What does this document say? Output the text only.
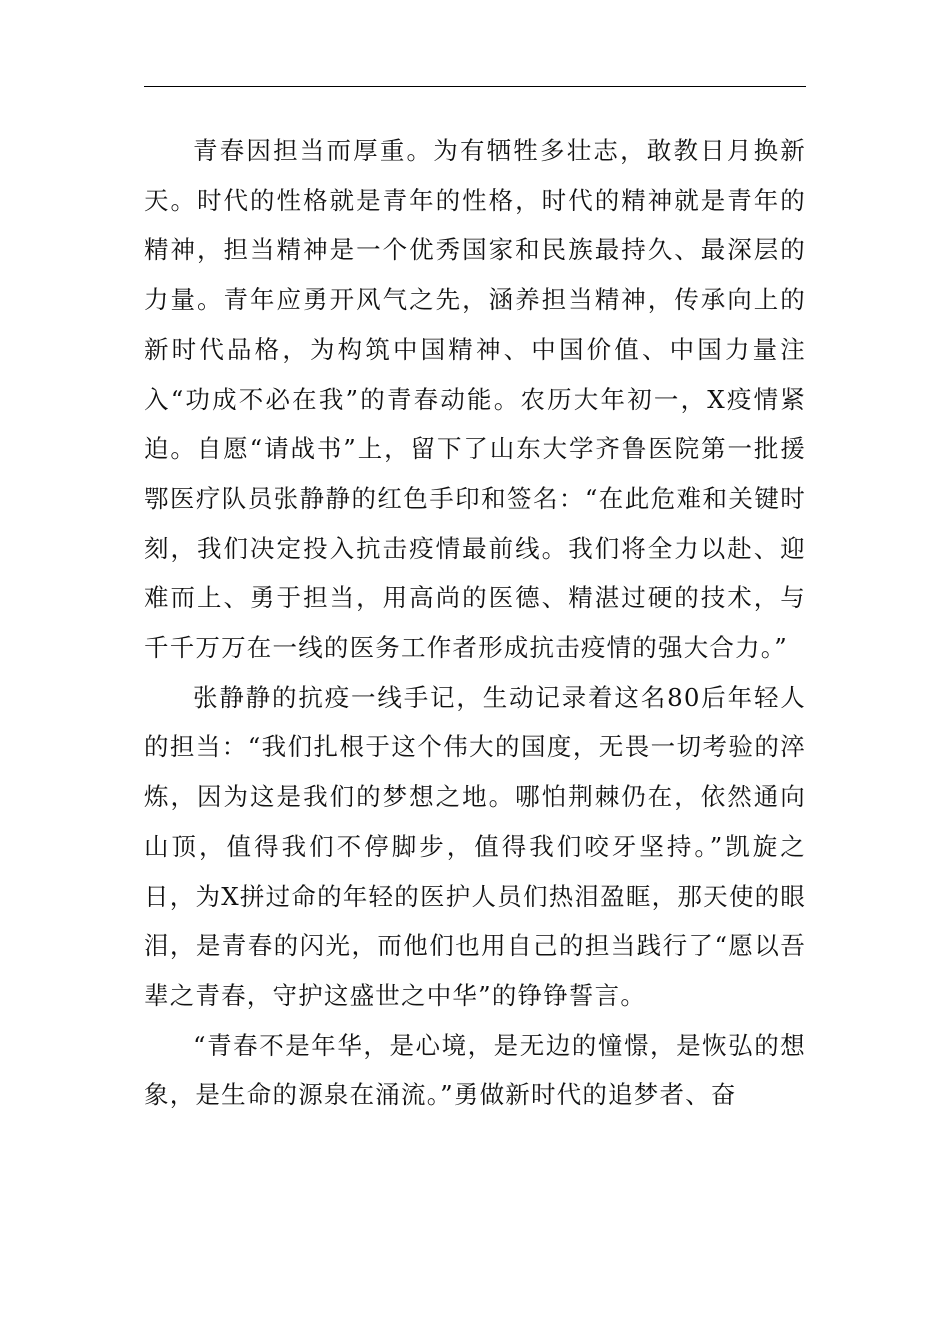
青春因担当而厚重。为有牺牲多壮志，敢教日月换新天。时代的性格就是青年的性格，时代的精神就是青年的精神，担当精神是一个优秀国家和民族最持久、最深层的力量。青年应勇开风气之先，涵养担当精神，传承向上的新时代品格，为构筑中国精神、中国价值、中国力量注入“功成不必在我”的青春动能。农历大年初一，X疫情紧迫。自愿“请战书”上，留下了山东大学齐鲁医院第一批援鄂医疗队员张静静的红色手印和签名：“在此危难和关键时刻，我们决定投入抗击疫情最前线。我们将全力以赴、迎难而上、勇于担当，用高尚的医德、精湛过硬的技术，与千千万万在一线的医务工作者形成抗击疫情的强大合力。”

张静静的抗疫一线手记，生动记录着这名80后年轻人的担当：“我们扎根于这个伟大的国度，无畏一切考验的淬炼，因为这是我们的梦想之地。哪怕荆棘仍在，依然通向山顶，值得我们不停脚步，值得我们咬牙坚持。”凯旋之日，为X拼过命的年轻的医护人员们热泪盈眶，那天使的眼泪，是青春的闪光，而他们也用自己的担当践行了“愿以吾辈之青春，守护这盛世之中华”的铮铮誓言。

“青春不是年华，是心境，是无边的憧憬，是恢弘的想象，是生命的源泉在涌流。”勇做新时代的追梦者、奋
